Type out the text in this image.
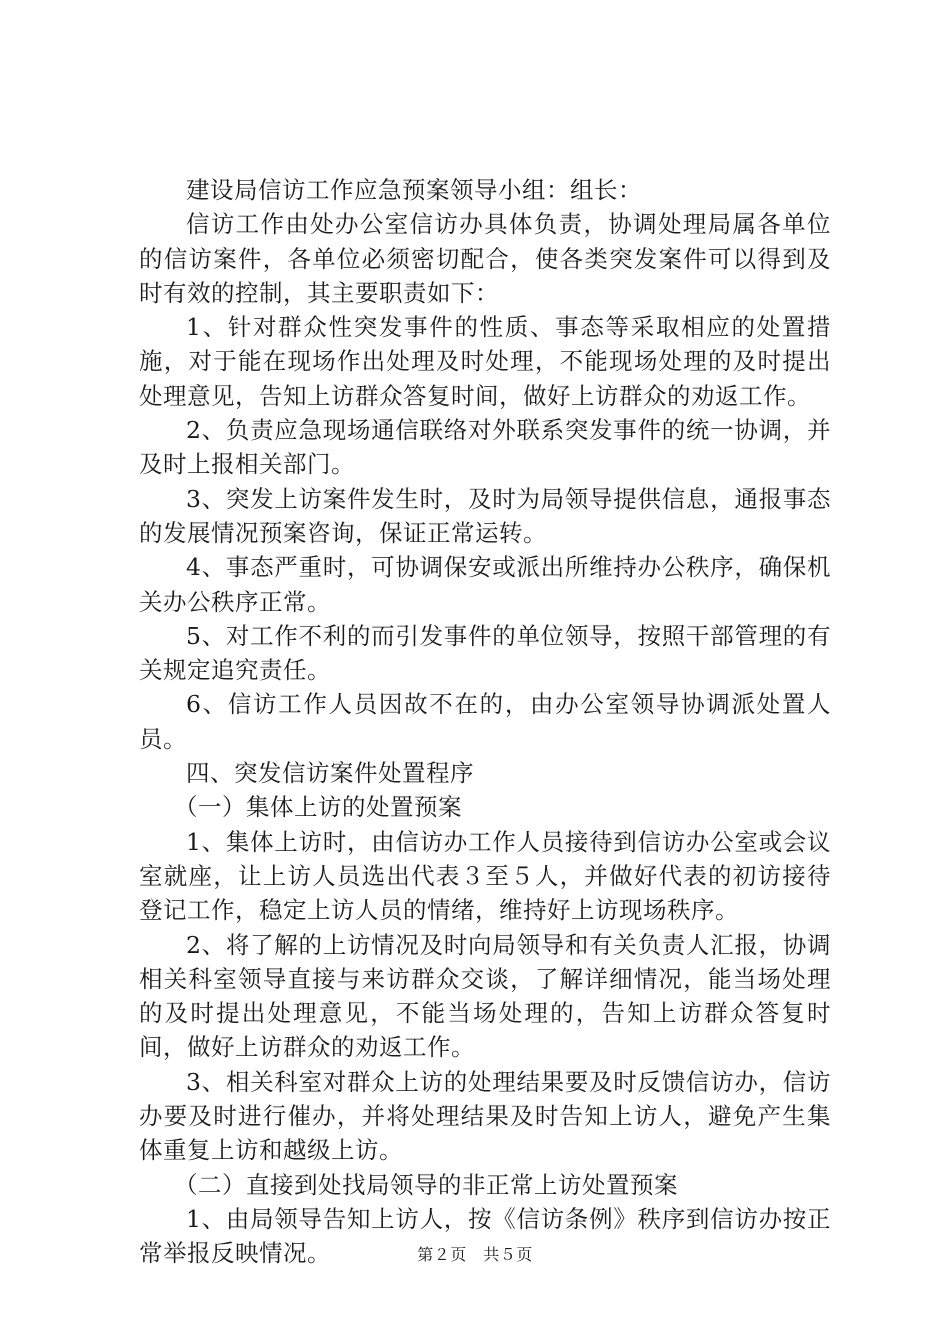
建设局信访工作应急预案领导小组：组长：

信访工作由处办公室信访办具体负责，协调处理局属各单位的信访案件，各单位必须密切配合，使各类突发案件可以得到及时有效的控制，其主要职责如下：

1、针对群众性突发事件的性质、事态等采取相应的处置措施，对于能在现场作出处理及时处理，不能现场处理的及时提出处理意见，告知上访群众答复时间，做好上访群众的劝返工作。

2、负责应急现场通信联络对外联系突发事件的统一协调，并及时上报相关部门。

3、突发上访案件发生时，及时为局领导提供信息，通报事态的发展情况预案咨询，保证正常运转。

4、事态严重时，可协调保安或派出所维持办公秩序，确保机关办公秩序正常。

5、对工作不利的而引发事件的单位领导，按照干部管理的有关规定追究责任。

6、信访工作人员因故不在的，由办公室领导协调派处置人员。

四、突发信访案件处置程序

（一）集体上访的处置预案

1、集体上访时，由信访办工作人员接待到信访办公室或会议室就座，让上访人员选出代表３至５人，并做好代表的初访接待登记工作，稳定上访人员的情绪，维持好上访现场秩序。

2、将了解的上访情况及时向局领导和有关负责人汇报，协调相关科室领导直接与来访群众交谈，了解详细情况，能当场处理的及时提出处理意见，不能当场处理的，告知上访群众答复时间，做好上访群众的劝返工作。

3、相关科室对群众上访的处理结果要及时反馈信访办，信访办要及时进行催办，并将处理结果及时告知上访人，避免产生集体重复上访和越级上访。

（二）直接到处找局领导的非正常上访处置预案

1、由局领导告知上访人，按《信访条例》秩序到信访办按正常举报反映情况。	第２页　共５页
